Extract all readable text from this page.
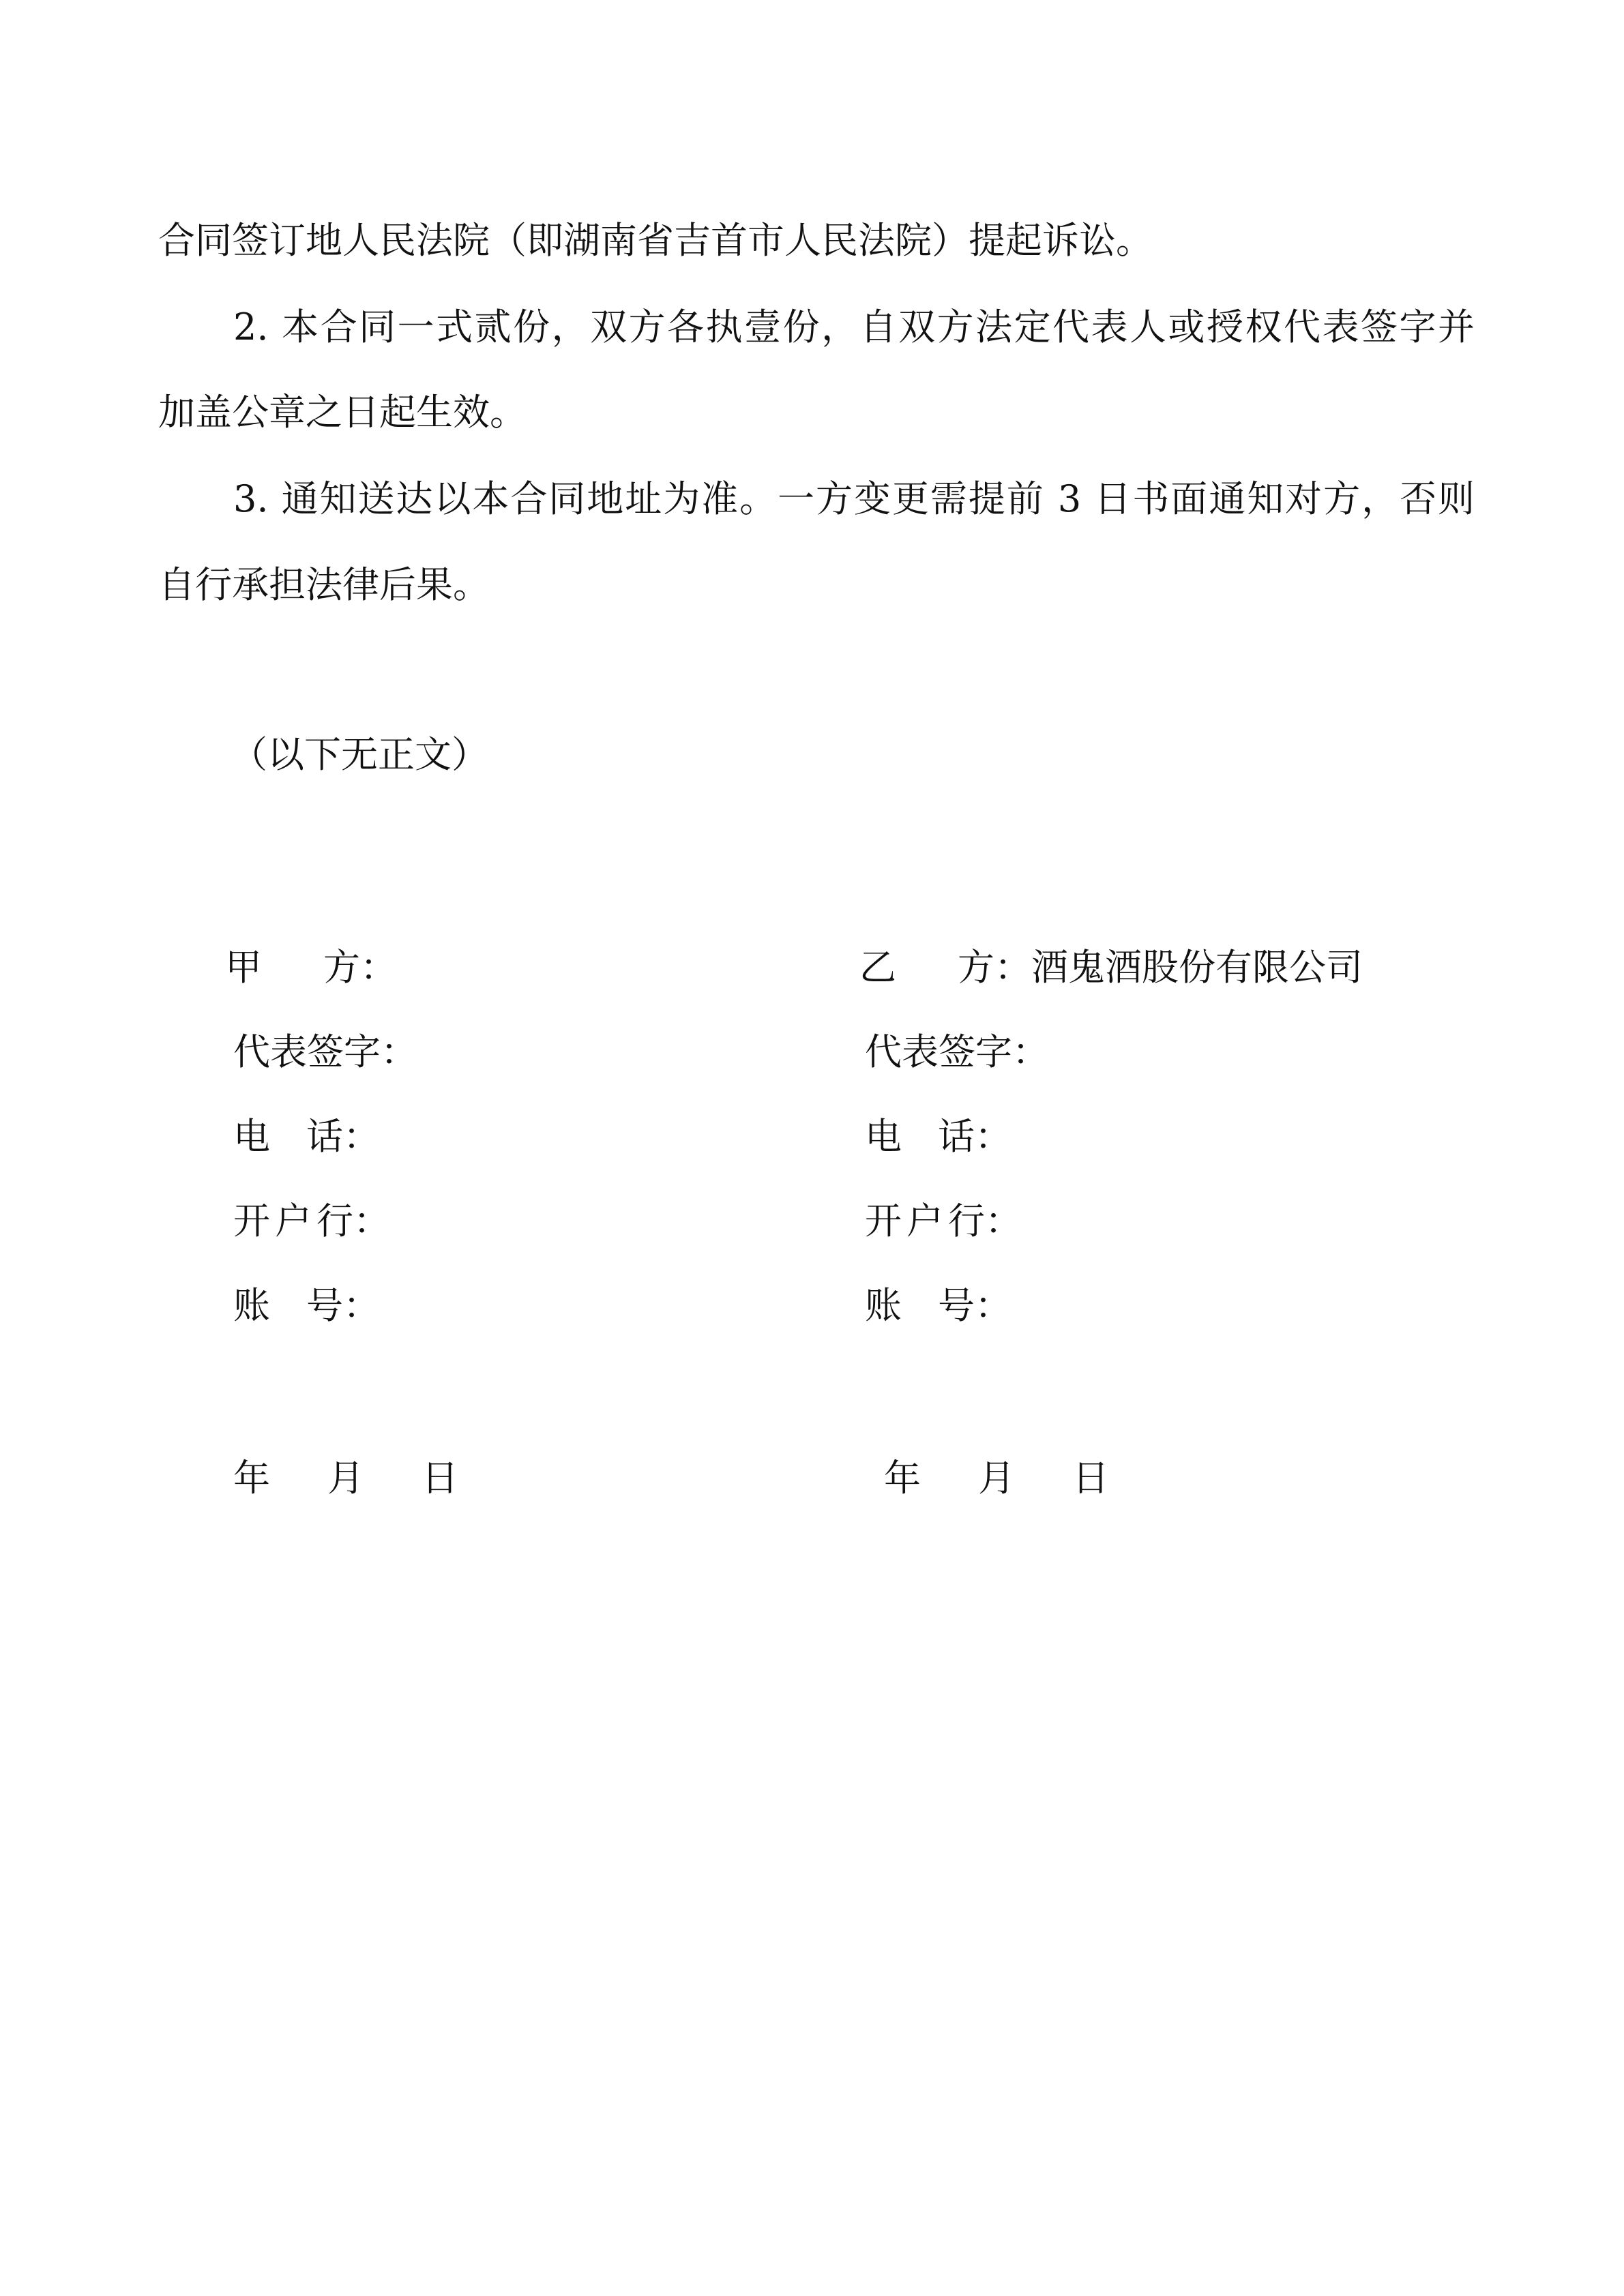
合同签订地人民法院（即湖南省吉首市人民法院）提起诉讼。
2. 本合同一式贰份，双方各执壹份，自双方法定代表人或授权代表签字并
加盖公章之日起生效。
3. 通知送达以本合同地址为准。一方变更需提前 3 日书面通知对方，否则
自行承担法律后果。
（以下无正文）
甲 方：
代表签字：
电 话：
开 户 行：
账 号：
年 月 日
乙 方：酒鬼酒股份有限公司
代表签字：
电 话：
开 户 行：
账 号：
年 月 日
